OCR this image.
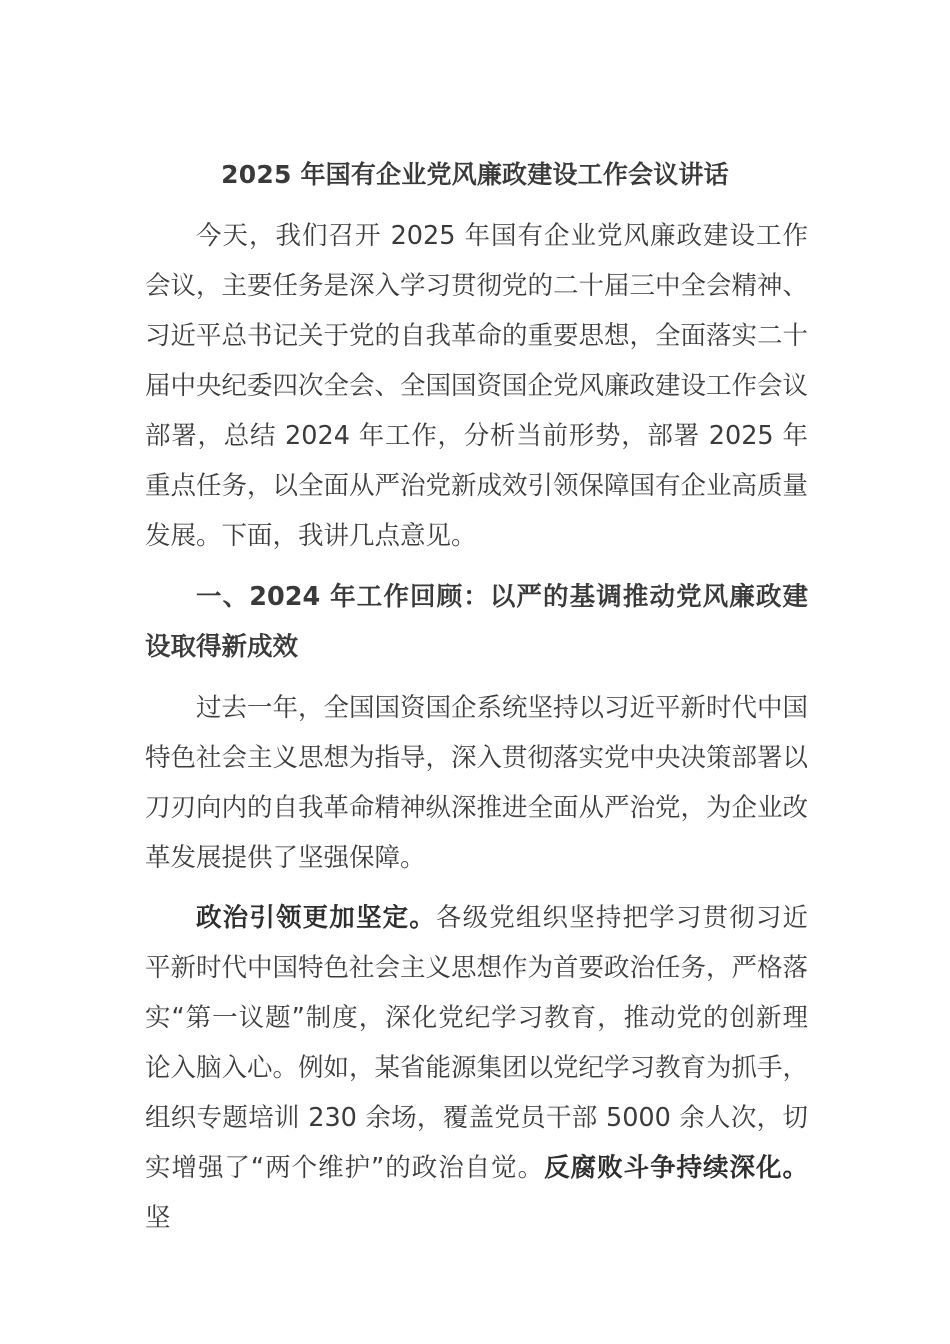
2025 年国有企业党风廉政建设工作会议讲话
今天，我们召开 2025 年国有企业党风廉政建设工作会议，主要任务是深入学习贯彻党的二十届三中全会精神、习近平总书记关于党的自我革命的重要思想，全面落实二十届中央纪委四次全会、全国国资国企党风廉政建设工作会议部署，总结 2024 年工作，分析当前形势，部署 2025 年重点任务，以全面从严治党新成效引领保障国有企业高质量发展。下面，我讲几点意见。
一、2024 年工作回顾：以严的基调推动党风廉政建设取得新成效
过去一年，全国国资国企系统坚持以习近平新时代中国特色社会主义思想为指导，深入贯彻落实党中央决策部署以刀刃向内的自我革命精神纵深推进全面从严治党，为企业改革发展提供了坚强保障。
政治引领更加坚定。各级党组织坚持把学习贯彻习近平新时代中国特色社会主义思想作为首要政治任务，严格落实“第一议题”制度，深化党纪学习教育，推动党的创新理论入脑入心。例如，某省能源集团以党纪学习教育为抓手，组织专题培训 230 余场，覆盖党员干部 5000 余人次，切实增强了“两个维护”的政治自觉。反腐败斗争持续深化。坚
